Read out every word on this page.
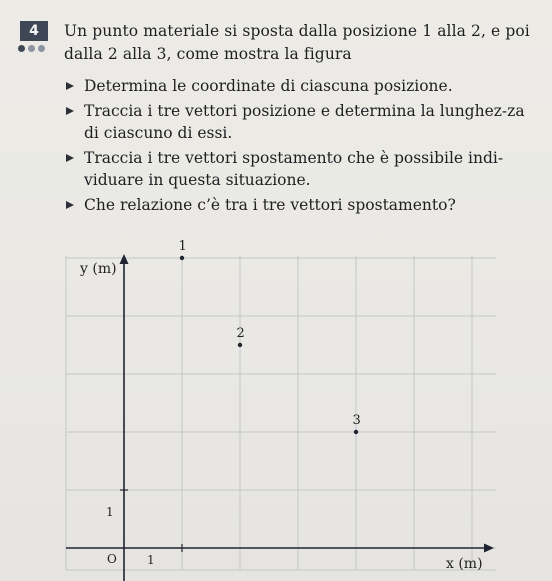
4	Un punto materiale si sposta dalla posizione 1 alla 2, e poi dalla 2 alla 3, come mostra la figura
Determina le coordinate di ciascuna posizione.
Traccia i tre vettori posizione e determina la lunghez-za di ciascuno di essi.
Traccia i tre vettori spostamento che è possibile indi-viduare in questa situazione.
Che relazione c’è tra i tre vettori spostamento?
y (m)
x (m)
O	1
1
1
2
3
